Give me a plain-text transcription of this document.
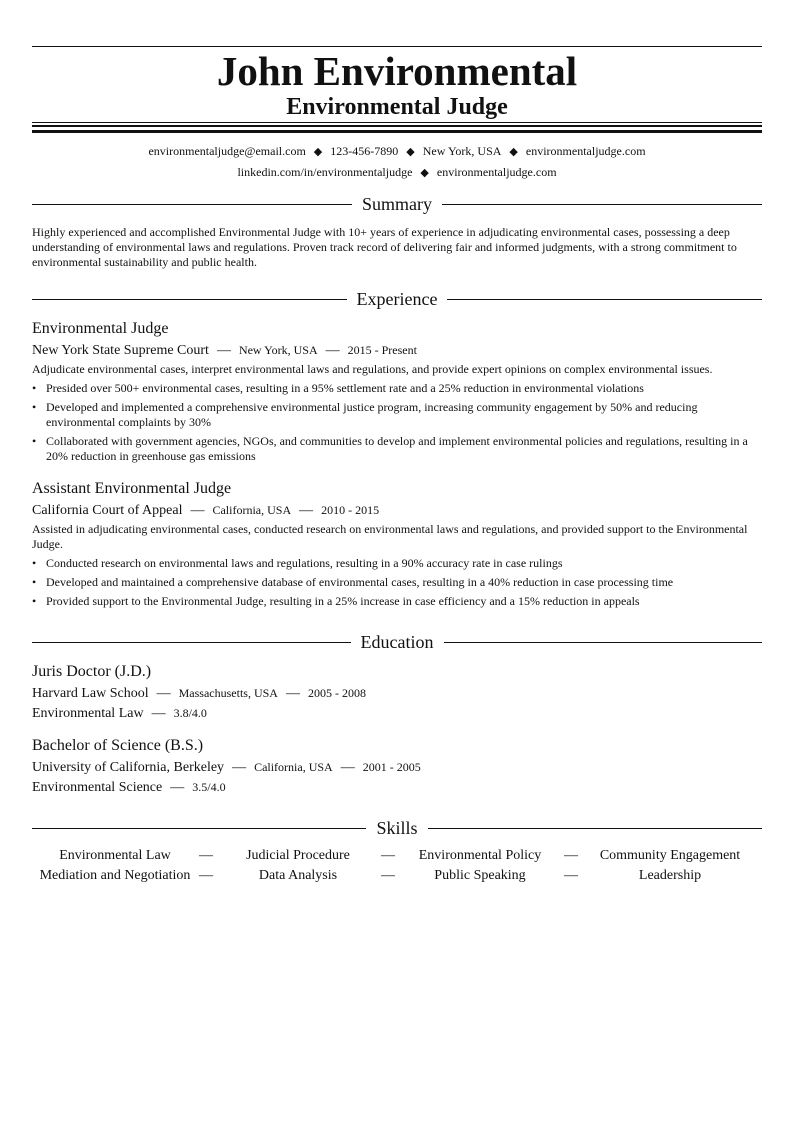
John Environmental
Environmental Judge
environmentaljudge@email.com ◆ 123-456-7890 ◆ New York, USA ◆ environmentaljudge.com
linkedin.com/in/environmentaljudge ◆ environmentaljudge.com
Summary
Highly experienced and accomplished Environmental Judge with 10+ years of experience in adjudicating environmental cases, possessing a deep understanding of environmental laws and regulations. Proven track record of delivering fair and informed judgments, with a strong commitment to environmental sustainability and public health.
Experience
Environmental Judge
New York State Supreme Court — New York, USA — 2015 - Present
Adjudicate environmental cases, interpret environmental laws and regulations, and provide expert opinions on complex environmental issues.
• Presided over 500+ environmental cases, resulting in a 95% settlement rate and a 25% reduction in environmental violations
• Developed and implemented a comprehensive environmental justice program, increasing community engagement by 50% and reducing environmental complaints by 30%
• Collaborated with government agencies, NGOs, and communities to develop and implement environmental policies and regulations, resulting in a 20% reduction in greenhouse gas emissions
Assistant Environmental Judge
California Court of Appeal — California, USA — 2010 - 2015
Assisted in adjudicating environmental cases, conducted research on environmental laws and regulations, and provided support to the Environmental Judge.
• Conducted research on environmental laws and regulations, resulting in a 90% accuracy rate in case rulings
• Developed and maintained a comprehensive database of environmental cases, resulting in a 40% reduction in case processing time
• Provided support to the Environmental Judge, resulting in a 25% increase in case efficiency and a 15% reduction in appeals
Education
Juris Doctor (J.D.)
Harvard Law School — Massachusetts, USA — 2005 - 2008
Environmental Law — 3.8/4.0
Bachelor of Science (B.S.)
University of California, Berkeley — California, USA — 2001 - 2005
Environmental Science — 3.5/4.0
Skills
Environmental Law	—	Judicial Procedure	—	Environmental Policy	—	Community Engagement
Mediation and Negotiation —	Data Analysis	—	Public Speaking	—	Leadership
